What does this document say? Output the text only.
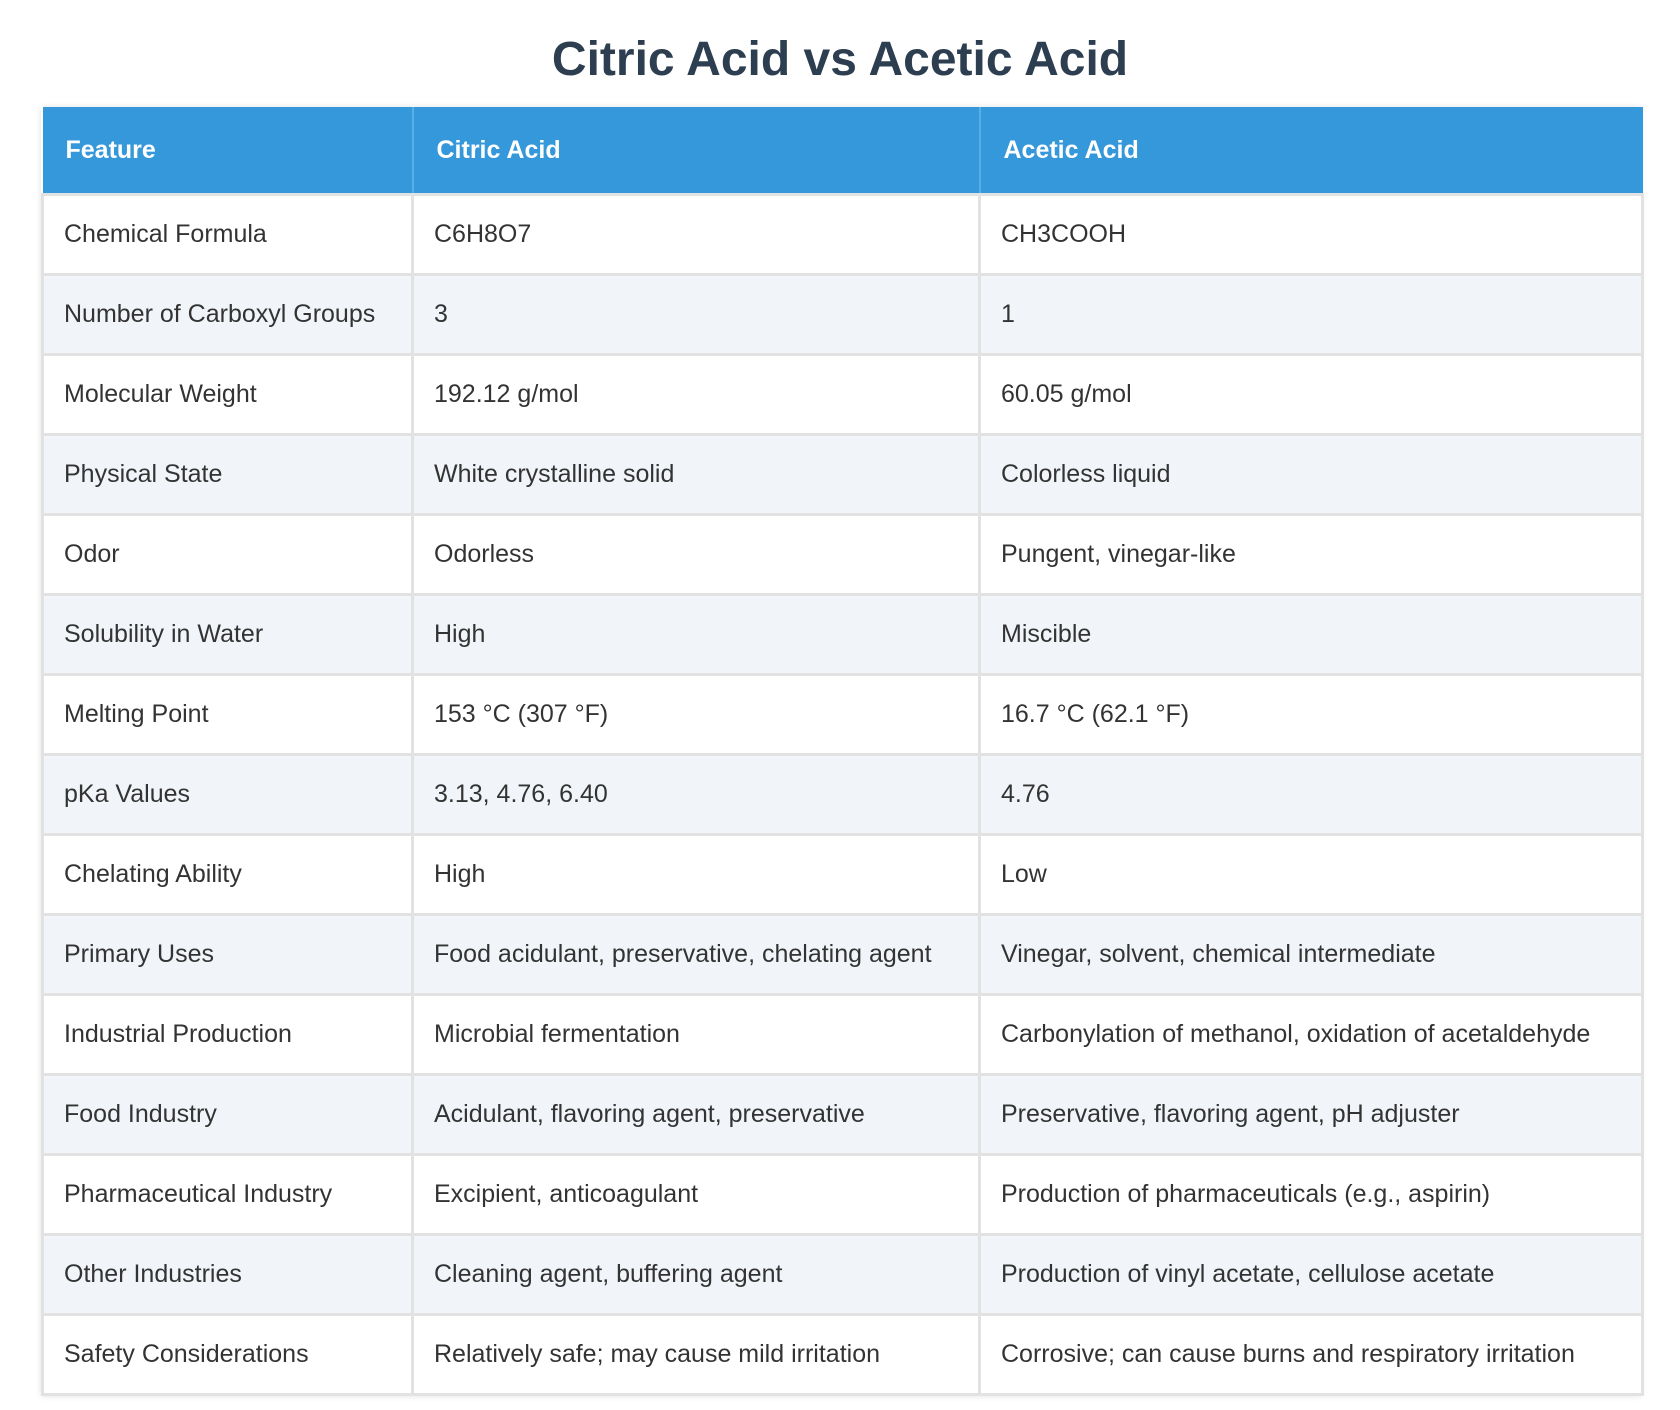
Citric Acid vs Acetic Acid
Feature	Citric Acid	Acetic Acid
Chemical Formula	C6H8O7	CH3COOH
Number of Carboxyl Groups	3	1
Molecular Weight	192.12 g/mol	60.05 g/mol
Physical State	White crystalline solid	Colorless liquid
Odor	Odorless	Pungent, vinegar-like
Solubility in Water	High	Miscible
Melting Point	153 °C (307 °F)	16.7 °C (62.1 °F)
pKa Values	3.13, 4.76, 6.40	4.76
Chelating Ability	High	Low
Primary Uses	Food acidulant, preservative, chelating agent	Vinegar, solvent, chemical intermediate
Industrial Production	Microbial fermentation	Carbonylation of methanol, oxidation of acetaldehyde
Food Industry	Acidulant, flavoring agent, preservative	Preservative, flavoring agent, pH adjuster
Pharmaceutical Industry	Excipient, anticoagulant	Production of pharmaceuticals (e.g., aspirin)
Other Industries	Cleaning agent, buffering agent	Production of vinyl acetate, cellulose acetate
Safety Considerations	Relatively safe; may cause mild irritation	Corrosive; can cause burns and respiratory irritation
